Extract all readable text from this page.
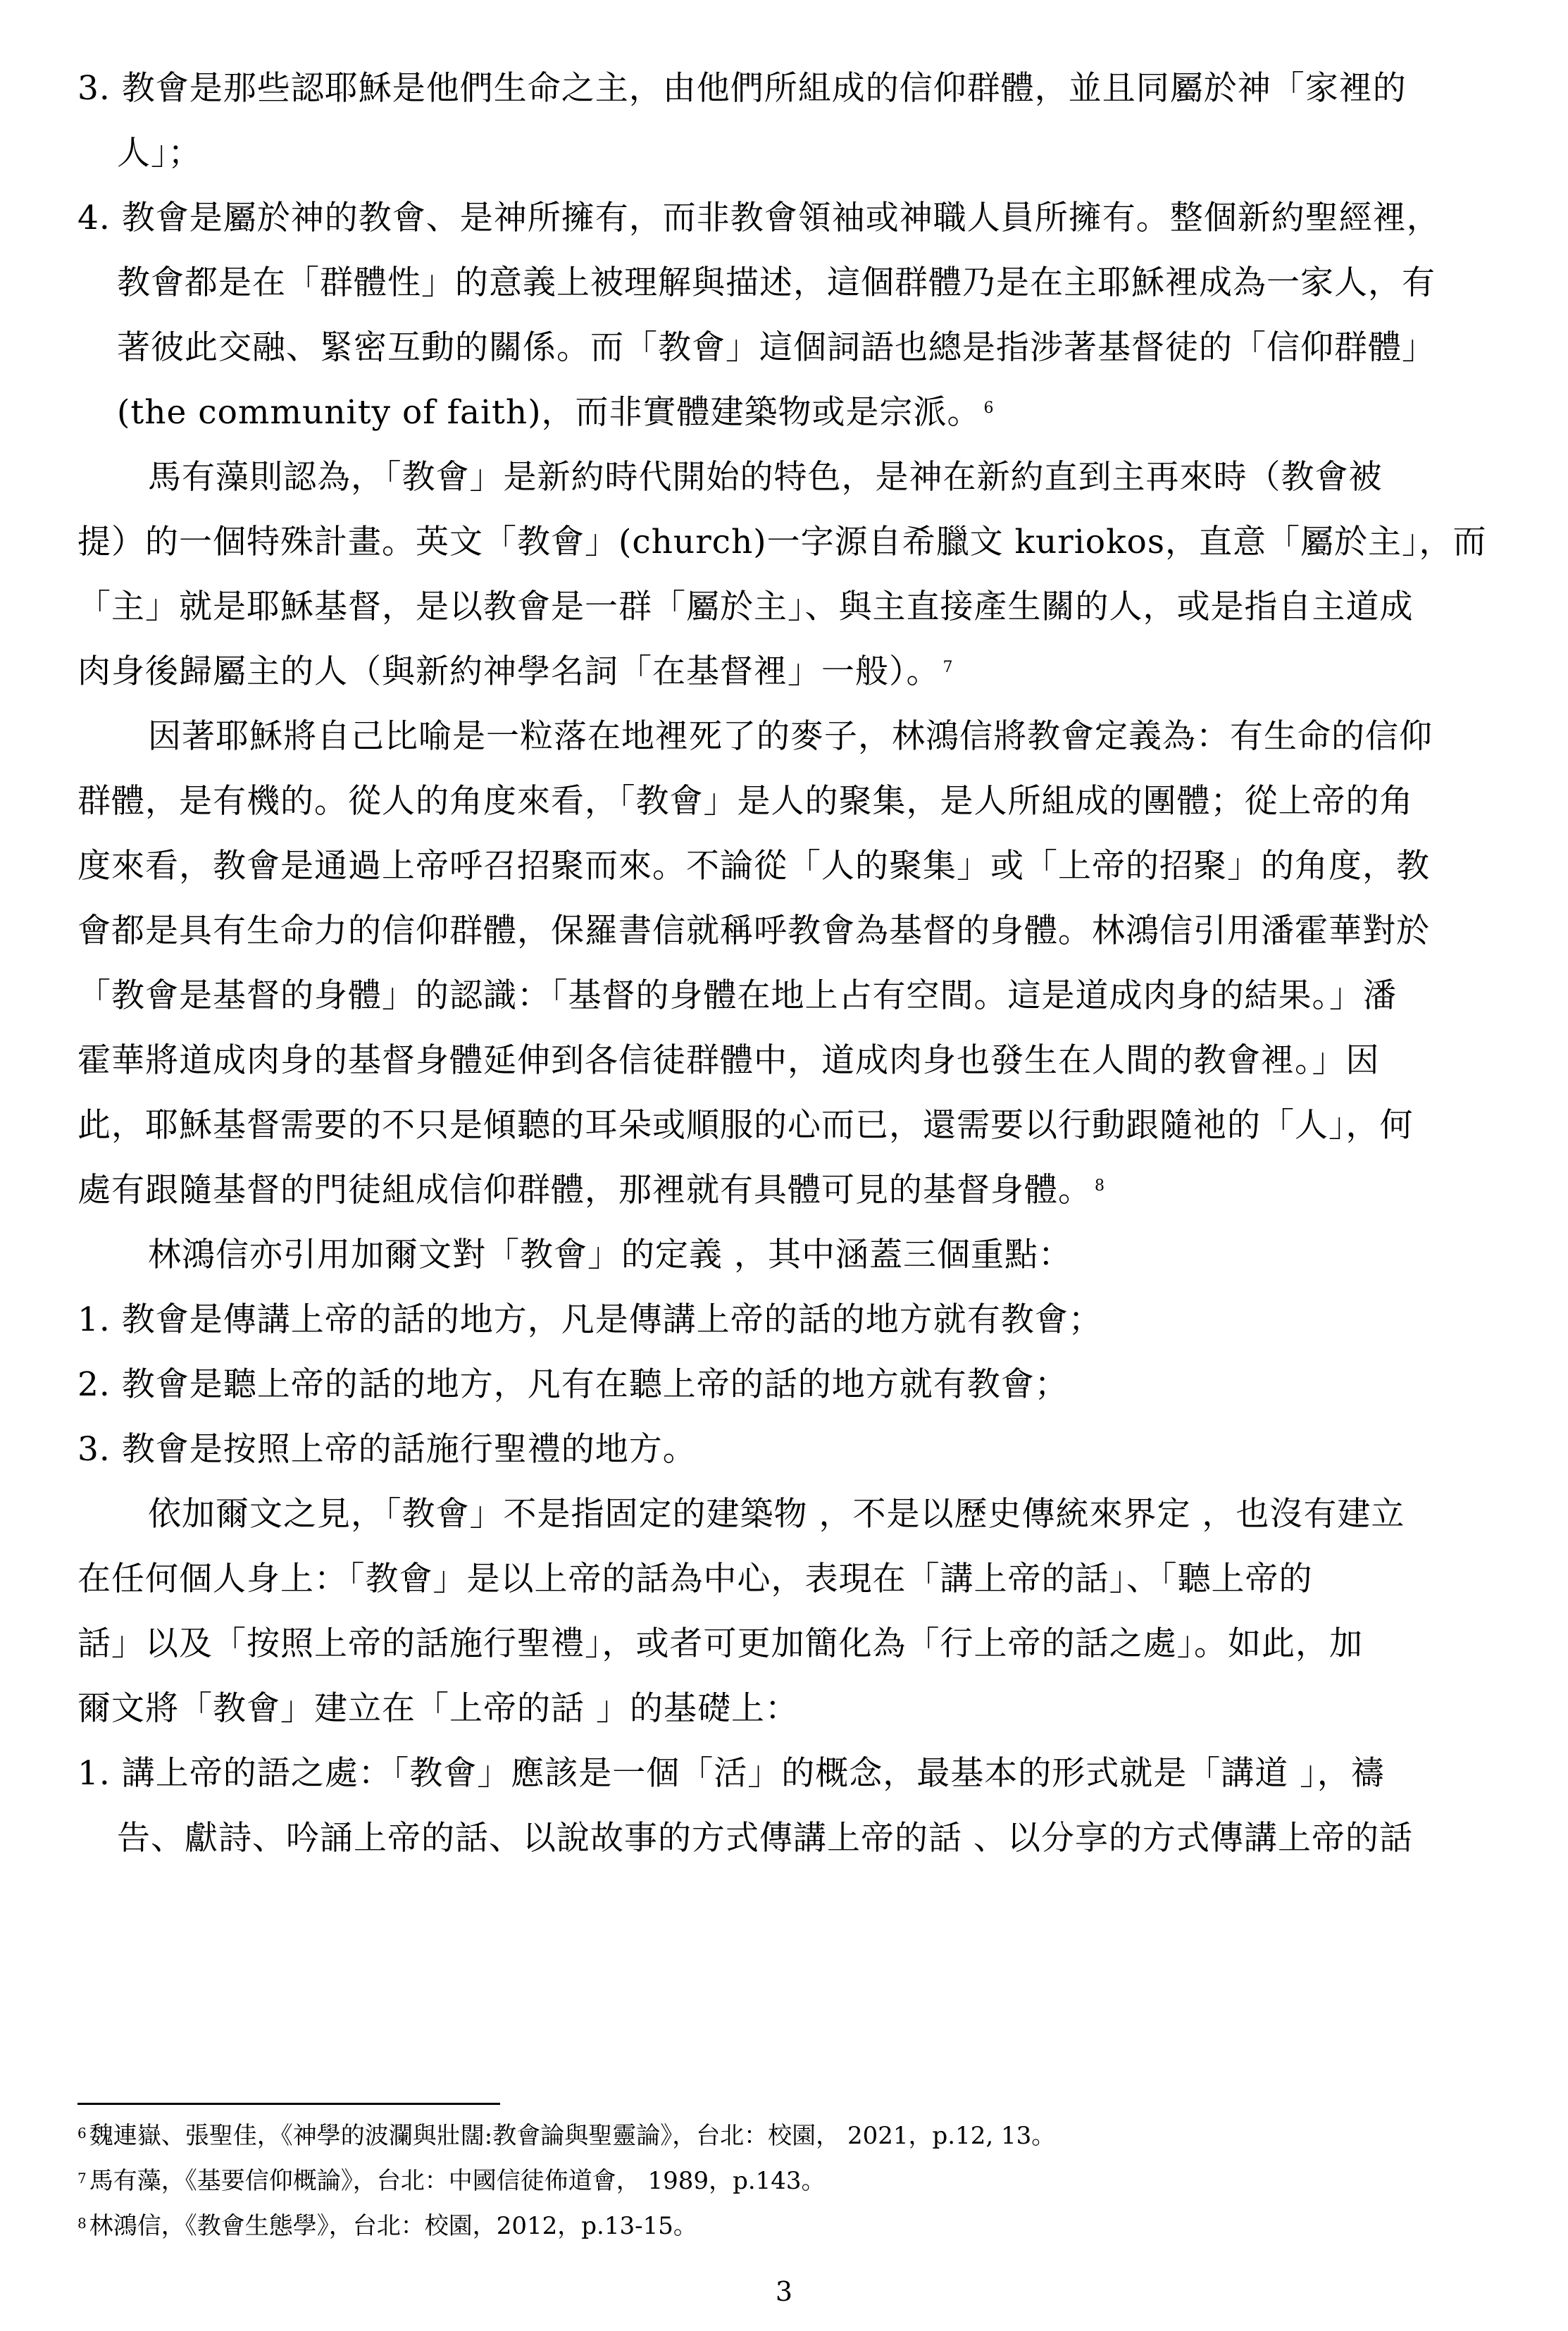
3. 教會是那些認耶穌是他們生命之主，由他們所組成的信仰群體，並且同屬於神「家裡的
人」；
4. 教會是屬於神的教會、是神所擁有，而非教會領袖或神職人員所擁有。整個新約聖經裡，
教會都是在「群體性」的意義上被理解與描述，這個群體乃是在主耶穌裡成為一家人，有
著彼此交融、緊密互動的關係。而「教會」這個詞語也總是指涉著基督徒的「信仰群體」
(the community of faith)，而非實體建築物或是宗派。 $^6$
馬有藻則認為，「教會」是新約時代開始的特色，是神在新約直到主再來時（教會被
提）的一個特殊計畫。英文「教會」(church)一字源自希臘文 kuriokos，直意「屬於主」，而
「主」就是耶穌基督，是以教會是一群「屬於主」、與主直接產生關的人，或是指自主道成
肉身後歸屬主的人（與新約神學名詞「在基督裡」一般）。 $^7$
因著耶穌將自己比喻是一粒落在地裡死了的麥子，林鴻信將教會定義為：有生命的信仰
群體，是有機的。從人的角度來看，「教會」是人的聚集，是人所組成的團體；從上帝的角
度來看，教會是通過上帝呼召招聚而來。不論從「人的聚集」或「上帝的招聚」的角度，教
會都是具有生命力的信仰群體，保羅書信就稱呼教會為基督的身體。林鴻信引用潘霍華對於
「教會是基督的身體」的認識：「基督的身體在地上占有空間。這是道成肉身的結果。」潘
霍華將道成肉身的基督身體延伸到各信徒群體中，道成肉身也發生在人間的教會裡。」因
此，耶穌基督需要的不只是傾聽的耳朵或順服的心而已，還需要以行動跟隨祂的「人」，何
處有跟隨基督的門徒組成信仰群體，那裡就有具體可見的基督身體。 $^8$
林鴻信亦引用加爾文對「教會」的定義 ，其中涵蓋三個重點：
1. 教會是傳講上帝的話的地方，凡是傳講上帝的話的地方就有教會；
2. 教會是聽上帝的話的地方，凡有在聽上帝的話的地方就有教會；
3. 教會是按照上帝的話施行聖禮的地方。
依加爾文之見，「教會」不是指固定的建築物 ，不是以歷史傳統來界定 ，也沒有建立
在任何個人身上：「教會」是以上帝的話為中心，表現在「講上帝的話」、「聽上帝的
話」以及「按照上帝的話施行聖禮」，或者可更加簡化為「行上帝的話之處」。如此，加
爾文將「教會」建立在「上帝的話 」的基礎上：
1. 講上帝的語之處：「教會」應該是一個「活」的概念，最基本的形式就是「講道 」，禱
告、獻詩、吟誦上帝的話、以說故事的方式傳講上帝的話 、以分享的方式傳講上帝的話
$^6$ 魏連嶽、張聖佳，《神學的波瀾與壯闊:教會論與聖靈論》，台北：校園， 2021，p.12, 13。
$^7$ 馬有藻，《基要信仰概論》，台北：中國信徒佈道會， 1989，p.143。
$^8$ 林鴻信，《教會生態學》，台北：校園，2012，p.13-15。
3
